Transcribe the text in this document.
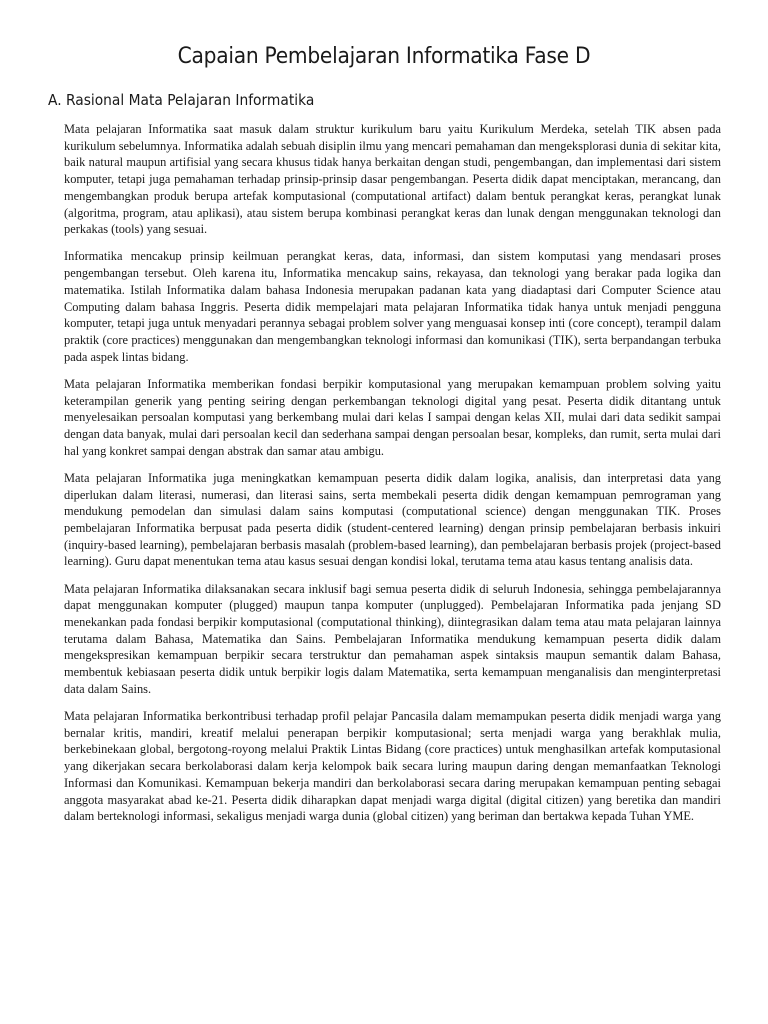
Capaian Pembelajaran Informatika Fase D
A. Rasional Mata Pelajaran Informatika

Mata pelajaran Informatika saat masuk dalam struktur kurikulum baru yaitu Kurikulum Merdeka, setelah TIK absen pada kurikulum sebelumnya. Informatika adalah sebuah disiplin ilmu yang mencari pemahaman dan mengeksplorasi dunia di sekitar kita, baik natural maupun artifisial yang secara khusus tidak hanya berkaitan dengan studi, pengembangan, dan implementasi dari sistem komputer, tetapi juga pemahaman terhadap prinsip-prinsip dasar pengembangan. Peserta didik dapat menciptakan, merancang, dan mengembangkan produk berupa artefak komputasional (computational artifact) dalam bentuk perangkat keras, perangkat lunak (algoritma, program, atau aplikasi), atau sistem berupa kombinasi perangkat keras dan lunak dengan menggunakan teknologi dan perkakas (tools) yang sesuai.

Informatika mencakup prinsip keilmuan perangkat keras, data, informasi, dan sistem komputasi yang mendasari proses pengembangan tersebut. Oleh karena itu, Informatika mencakup sains, rekayasa, dan teknologi yang berakar pada logika dan matematika. Istilah Informatika dalam bahasa Indonesia merupakan padanan kata yang diadaptasi dari Computer Science atau Computing dalam bahasa Inggris. Peserta didik mempelajari mata pelajaran Informatika tidak hanya untuk menjadi pengguna komputer, tetapi juga untuk menyadari perannya sebagai problem solver yang menguasai konsep inti (core concept), terampil dalam praktik (core practices) menggunakan dan mengembangkan teknologi informasi dan komunikasi (TIK), serta berpandangan terbuka pada aspek lintas bidang.

Mata pelajaran Informatika memberikan fondasi berpikir komputasional yang merupakan kemampuan problem solving yaitu keterampilan generik yang penting seiring dengan perkembangan teknologi digital yang pesat. Peserta didik ditantang untuk menyelesaikan persoalan komputasi yang berkembang mulai dari kelas I sampai dengan kelas XII, mulai dari data sedikit sampai dengan data banyak, mulai dari persoalan kecil dan sederhana sampai dengan persoalan besar, kompleks, dan rumit, serta mulai dari hal yang konkret sampai dengan abstrak dan samar atau ambigu.

Mata pelajaran Informatika juga meningkatkan kemampuan peserta didik dalam logika, analisis, dan interpretasi data yang diperlukan dalam literasi, numerasi, dan literasi sains, serta membekali peserta didik dengan kemampuan pemrograman yang mendukung pemodelan dan simulasi dalam sains komputasi (computational science) dengan menggunakan TIK. Proses pembelajaran Informatika berpusat pada peserta didik (student-centered learning) dengan prinsip pembelajaran berbasis inkuiri (inquiry-based learning), pembelajaran berbasis masalah (problem-based learning), dan pembelajaran berbasis projek (project-based learning). Guru dapat menentukan tema atau kasus sesuai dengan kondisi lokal, terutama tema atau kasus tentang analisis data.

Mata pelajaran Informatika dilaksanakan secara inklusif bagi semua peserta didik di seluruh Indonesia, sehingga pembelajarannya dapat menggunakan komputer (plugged) maupun tanpa komputer (unplugged). Pembelajaran Informatika pada jenjang SD menekankan pada fondasi berpikir komputasional (computational thinking), diintegrasikan dalam tema atau mata pelajaran lainnya terutama dalam Bahasa, Matematika dan Sains. Pembelajaran Informatika mendukung kemampuan peserta didik dalam mengekspresikan kemampuan berpikir secara terstruktur dan pemahaman aspek sintaksis maupun semantik dalam Bahasa, membentuk kebiasaan peserta didik untuk berpikir logis dalam Matematika, serta kemampuan menganalisis dan menginterpretasi data dalam Sains.

Mata pelajaran Informatika berkontribusi terhadap profil pelajar Pancasila dalam memampukan peserta didik menjadi warga yang bernalar kritis, mandiri, kreatif melalui penerapan berpikir komputasional; serta menjadi warga yang berakhlak mulia, berkebinekaan global, bergotong-royong melalui Praktik Lintas Bidang (core practices) untuk menghasilkan artefak komputasional yang dikerjakan secara berkolaborasi dalam kerja kelompok baik secara luring maupun daring dengan memanfaatkan Teknologi Informasi dan Komunikasi. Kemampuan bekerja mandiri dan berkolaborasi secara daring merupakan kemampuan penting sebagai anggota masyarakat abad ke-21. Peserta didik diharapkan dapat menjadi warga digital (digital citizen) yang beretika dan mandiri dalam berteknologi informasi, sekaligus menjadi warga dunia (global citizen) yang beriman dan bertakwa kepada Tuhan YME.
